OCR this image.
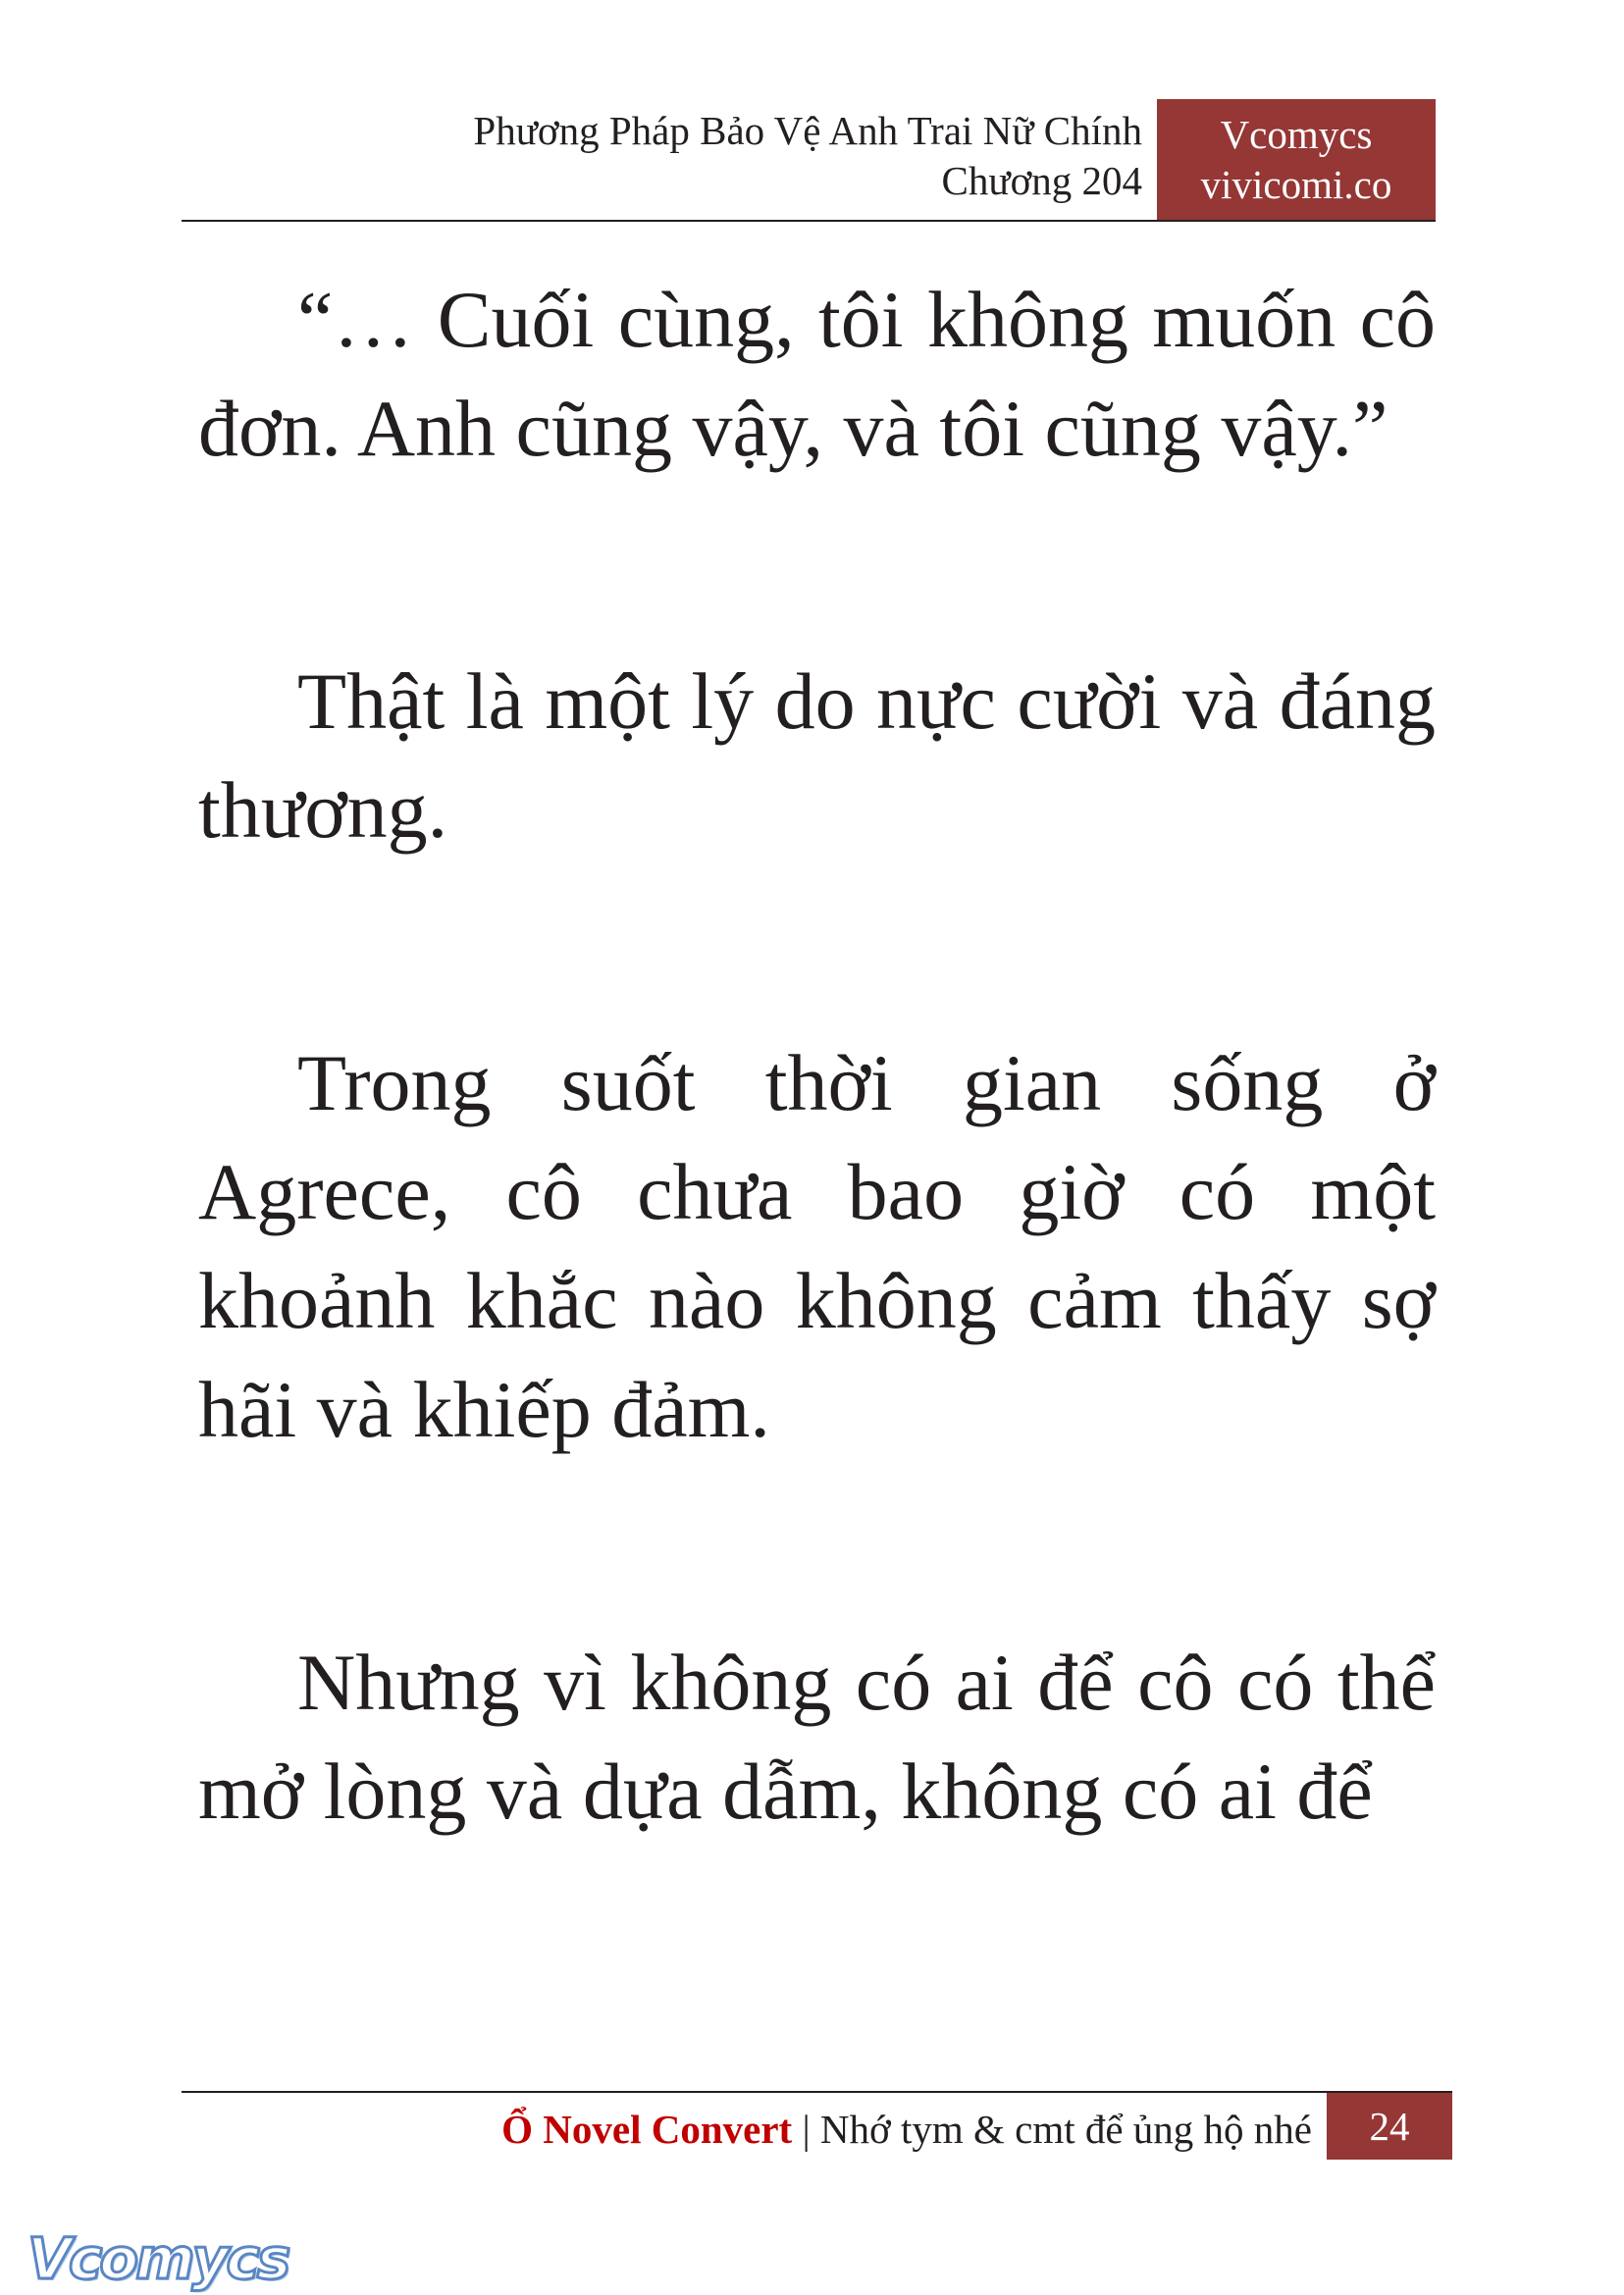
Phương Pháp Bảo Vệ Anh Trai Nữ Chính
Chương 204
Vcomycs
vivicomi.co

“… Cuối cùng, tôi không muốn cô đơn. Anh cũng vậy, và tôi cũng vậy.”

Thật là một lý do nực cười và đáng thương.

Trong suốt thời gian sống ở Agrece, cô chưa bao giờ có một khoảnh khắc nào không cảm thấy sợ hãi và khiếp đảm.

Nhưng vì không có ai để cô có thể mở lòng và dựa dẫm, không có ai để

Ổ Novel Convert | Nhớ tym & cmt để ủng hộ nhé	24
Vcomycs
